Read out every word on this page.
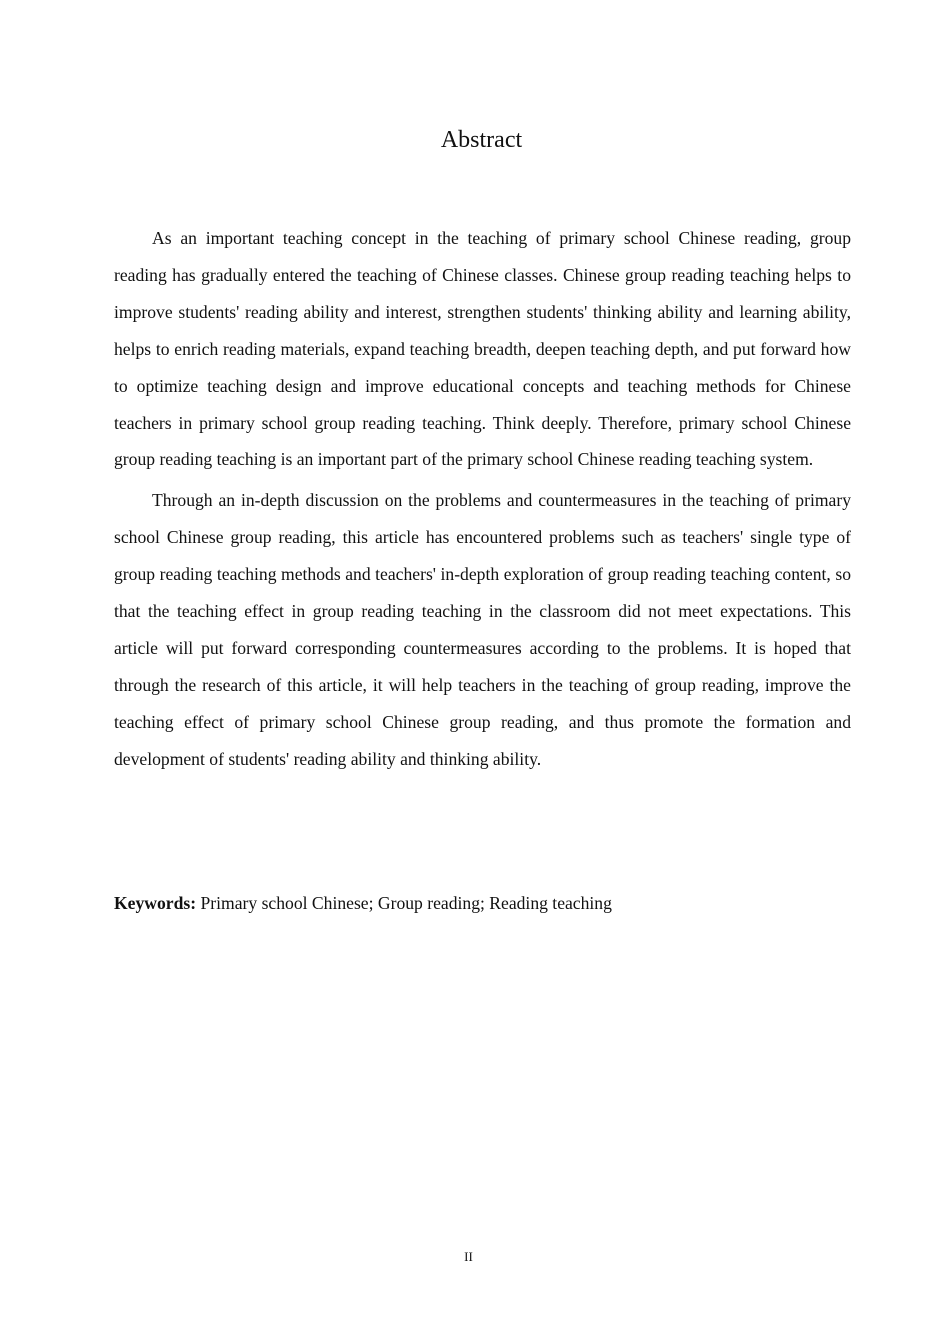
Abstract

As an important teaching concept in the teaching of primary school Chinese reading, group reading has gradually entered the teaching of Chinese classes. Chinese group reading teaching helps to improve students' reading ability and interest, strengthen students' thinking ability and learning ability, helps to enrich reading materials, expand teaching breadth, deepen teaching depth, and put forward how to optimize teaching design and improve educational concepts and teaching methods for Chinese teachers in primary school group reading teaching. Think deeply. Therefore, primary school Chinese group reading teaching is an important part of the primary school Chinese reading teaching system.

Through an in-depth discussion on the problems and countermeasures in the teaching of primary school Chinese group reading, this article has encountered problems such as teachers' single type of group reading teaching methods and teachers' in-depth exploration of group reading teaching content, so that the teaching effect in group reading teaching in the classroom did not meet expectations. This article will put forward corresponding countermeasures according to the problems. It is hoped that through the research of this article, it will help teachers in the teaching of group reading, improve the teaching effect of primary school Chinese group reading, and thus promote the formation and development of students' reading ability and thinking ability.

Keywords: Primary school Chinese; Group reading; Reading teaching

II
